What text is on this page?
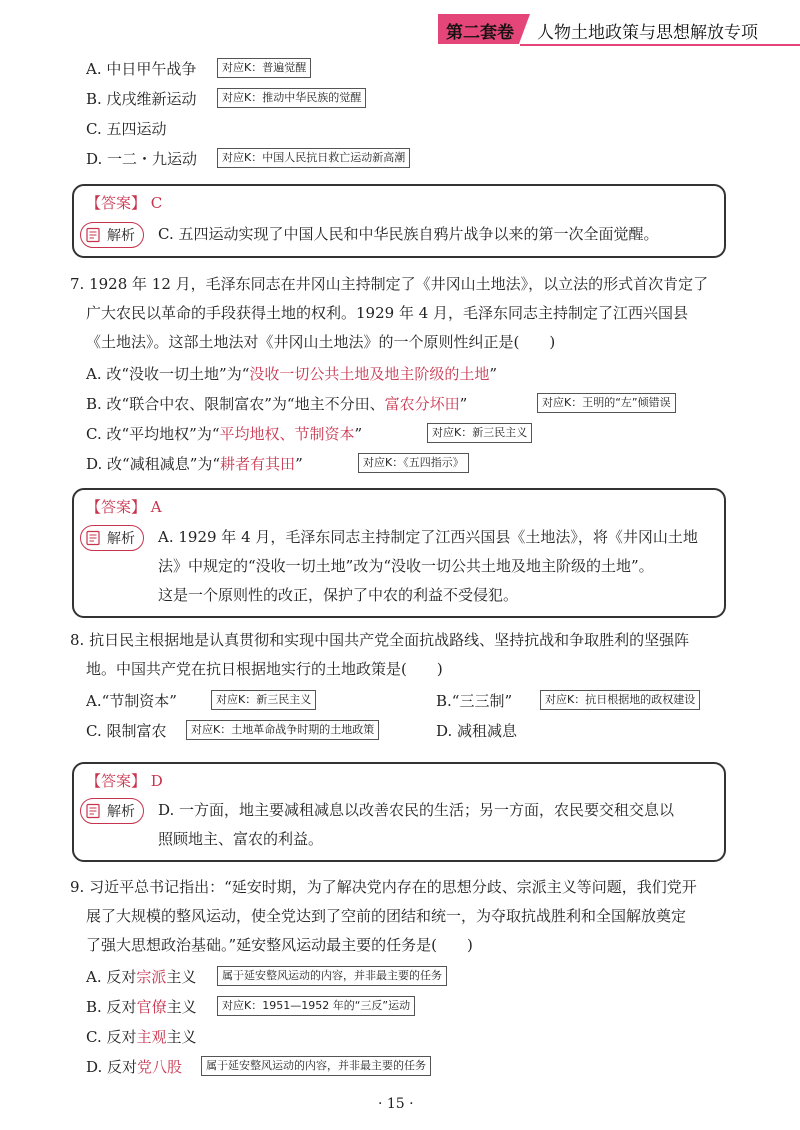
第二套卷 人物土地政策与思想解放专项
A. 中日甲午战争	对应K：普遍觉醒
B. 戊戌维新运动	对应K：推动中华民族的觉醒
C. 五四运动
D. 一二・九运动	对应K：中国人民抗日救亡运动新高潮
【答案】 C
解析 C. 五四运动实现了中国人民和中华民族自鸦片战争以来的第一次全面觉醒。
7. 1928 年 12 月，毛泽东同志在井冈山主持制定了《井冈山土地法》，以立法的形式首次肯定了
广大农民以革命的手段获得土地的权利。1929 年 4 月，毛泽东同志主持制定了江西兴国县
《土地法》。这部土地法对《井冈山土地法》的一个原则性纠正是(　　)
A. 改“没收一切土地”为“没收一切公共土地及地主阶级的土地”
B. 改“联合中农、限制富农”为“地主不分田、富农分坏田”	对应K：王明的“左”倾错误
C. 改“平均地权”为“平均地权、节制资本”	对应K：新三民主义
D. 改“减租减息”为“耕者有其田”	对应K：《五四指示》
【答案】 A
解析 A. 1929 年 4 月，毛泽东同志主持制定了江西兴国县《土地法》，将《井冈山土地
法》中规定的“没收一切土地”改为“没收一切公共土地及地主阶级的土地”。
这是一个原则性的改正，保护了中农的利益不受侵犯。
8. 抗日民主根据地是认真贯彻和实现中国共产党全面抗战路线、坚持抗战和争取胜利的坚强阵
地。中国共产党在抗日根据地实行的土地政策是(　　)
A.“节制资本”	对应K：新三民主义	B.“三三制”	对应K：抗日根据地的政权建设
C. 限制富农	对应K：土地革命战争时期的土地政策	D. 减租减息
【答案】 D
解析 D. 一方面，地主要减租减息以改善农民的生活；另一方面，农民要交租交息以
照顾地主、富农的利益。
9. 习近平总书记指出：“延安时期，为了解决党内存在的思想分歧、宗派主义等问题，我们党开
展了大规模的整风运动，使全党达到了空前的团结和统一，为夺取抗战胜利和全国解放奠定
了强大思想政治基础。”延安整风运动最主要的任务是(　　)
A. 反对宗派主义	属于延安整风运动的内容，并非最主要的任务
B. 反对官僚主义	对应K：1951—1952 年的“三反”运动
C. 反对主观主义
D. 反对党八股	属于延安整风运动的内容，并非最主要的任务
· 15 ·
